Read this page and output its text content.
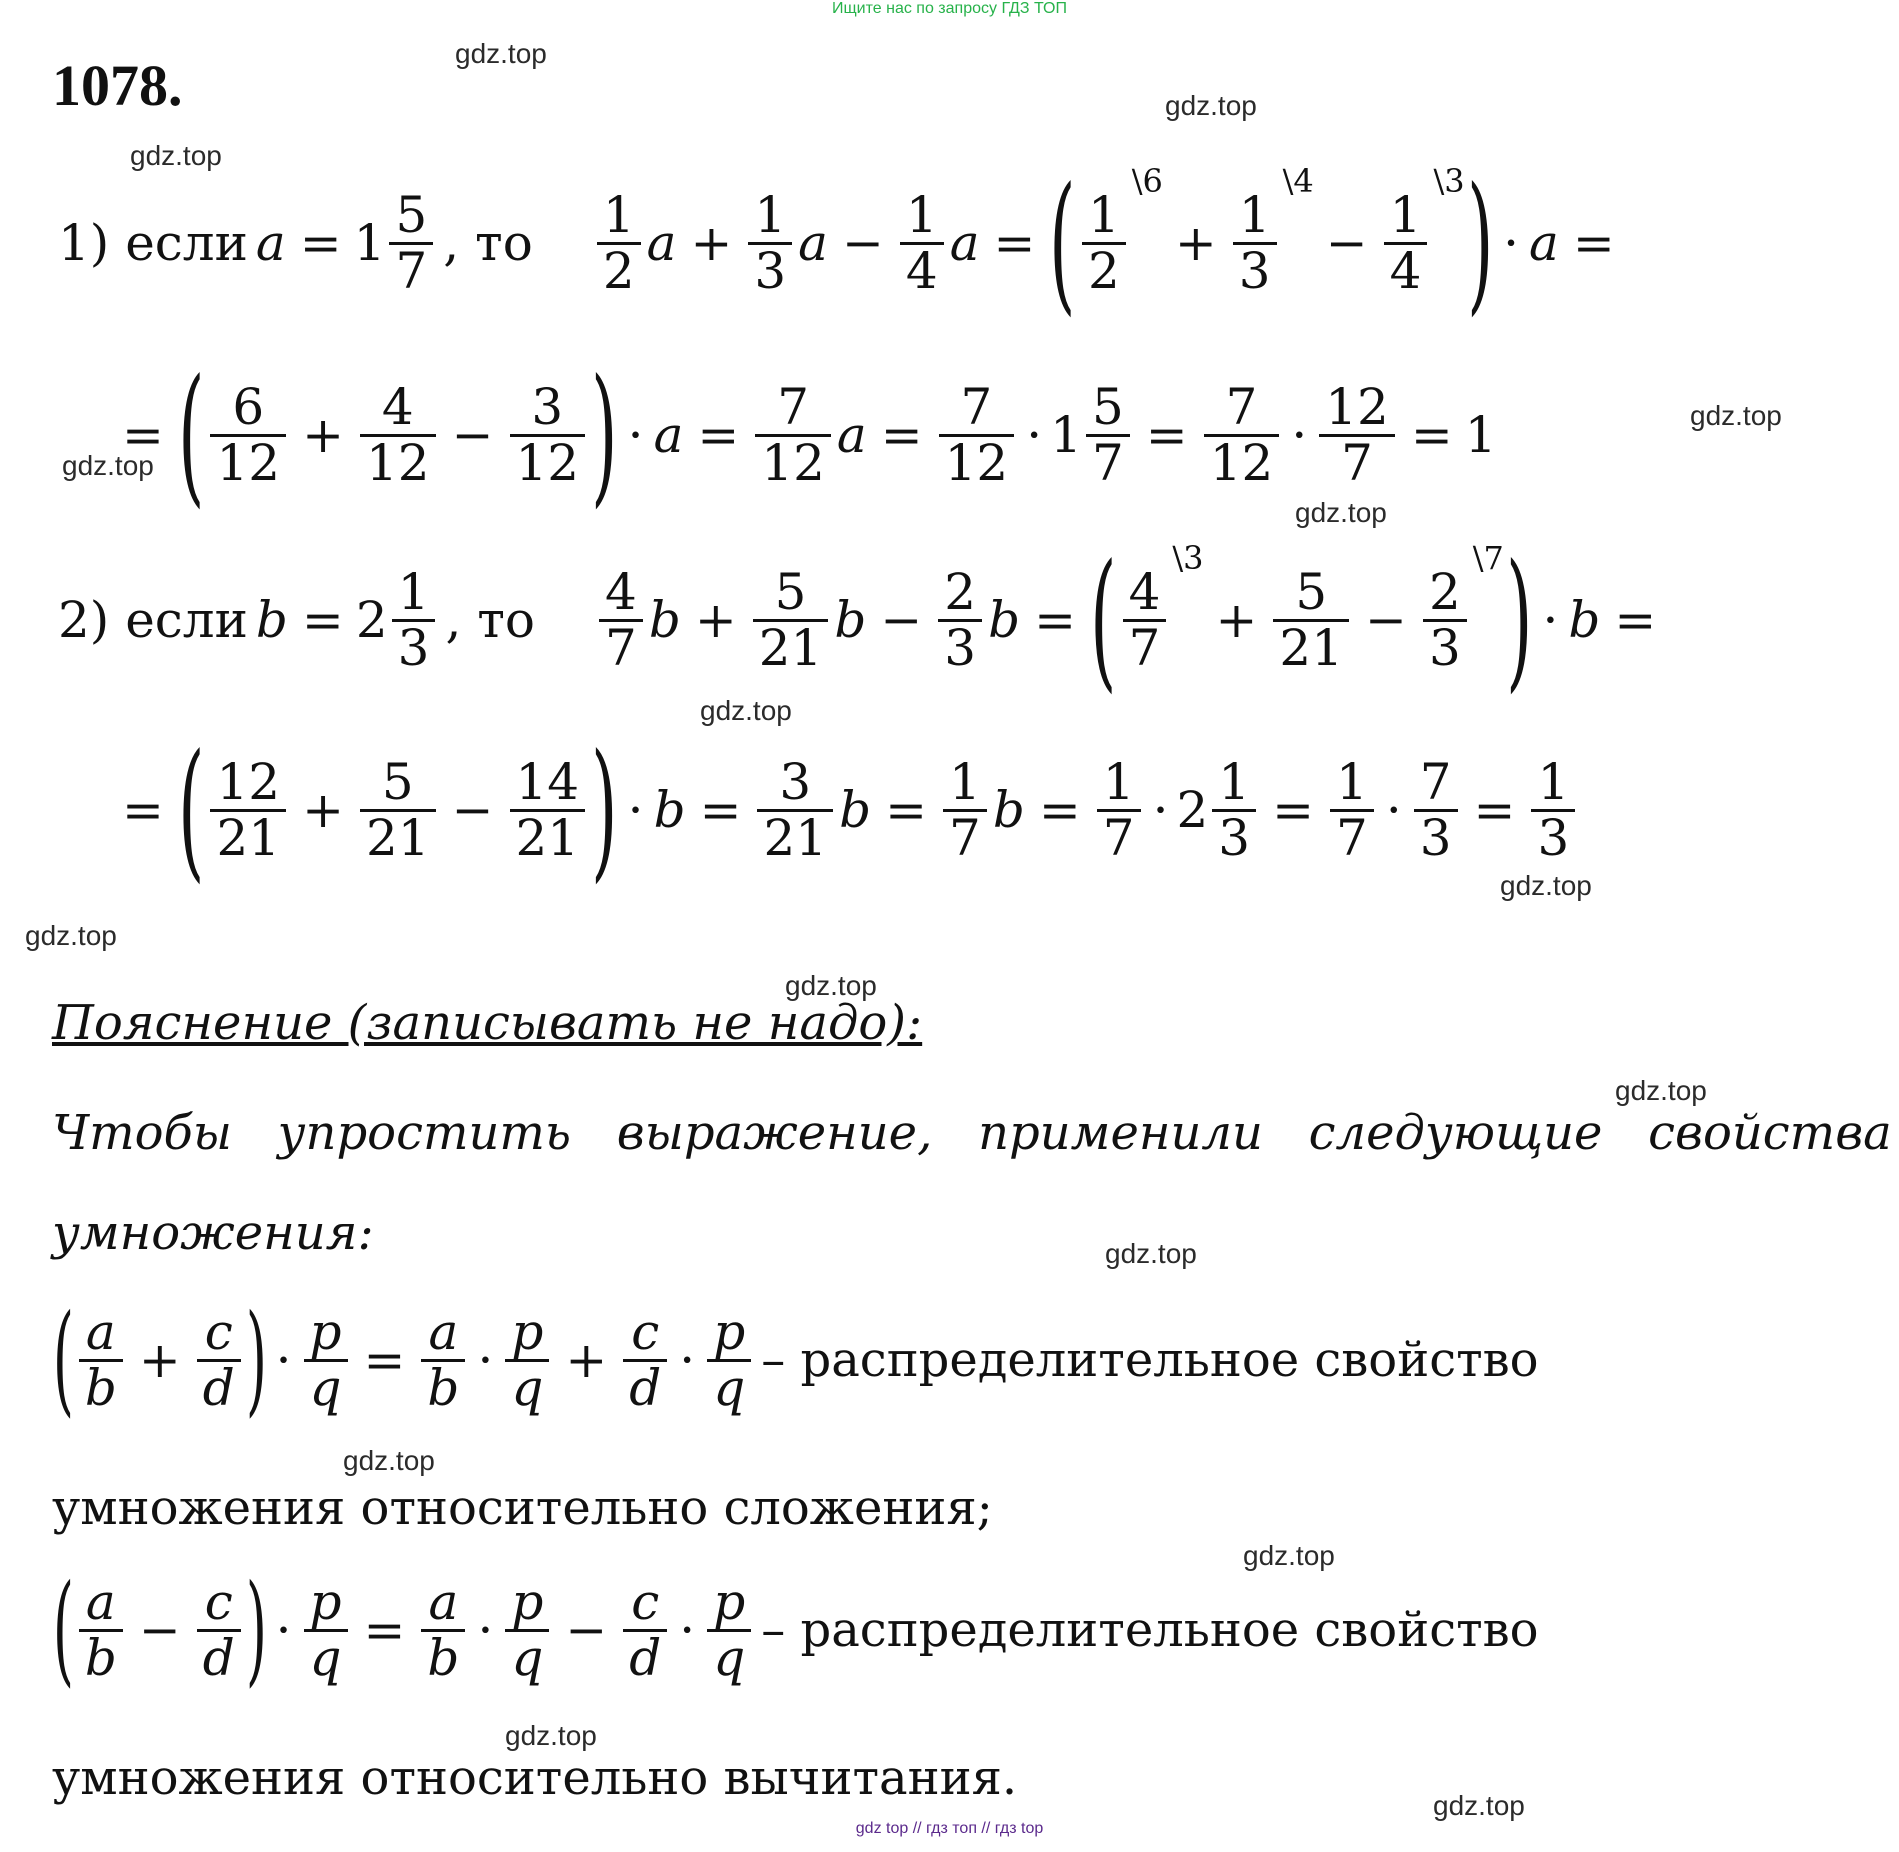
Ищите нас по запросу ГДЗ ТОП
1078.	gdz.top
gdz.top
gdz.top
gdz.top
gdz.top
gdz.top
gdz.top
gdz.top
gdz.top
gdz.top
gdz.top
gdz.top
gdz.top
gdz.top
gdz.top
gdz.top
1) если $a = 1 \frac{5}{7}$ , то	$\frac{1}{2}$ $a + \frac{1}{3}$ $a - \frac{1}{4}$ a = ( $\frac{1}{2}$
\6
+ $\frac{1}{3}$
\4
− $\frac{1}{4}$
\3 ) · a =
= ( $\frac{6}{12} + \frac{4}{12} - \frac{3}{12}$ ) · $a = \frac{7}{12}$ $a = \frac{7}{12} \cdot 1 \frac{5}{7} = \frac{7}{12} \cdot \frac{12}{7} = 1$
2) если $b = 2 \frac{1}{3}$ , то	$\frac{4}{7}$ $b + \frac{5}{21}$ $b - \frac{2}{3}$ b = ( $\frac{4}{7}$
\3
+ $\frac{5}{21} - \frac{2}{3}$
\7 ) · b =
= ( $\frac{12}{21} + \frac{5}{21} - \frac{14}{21}$ ) · $b = \frac{3}{21}$ $b = \frac{1}{7}$ $b = \frac{1}{7} \cdot 2 \frac{1}{3} = \frac{1}{7} \cdot \frac{7}{3} = \frac{1}{3}$
Пояснение (записывать не надо):
Чтобы   упростить   выражение,   применили   следующие   свойства
умножения:
( $\frac{a}{b} + \frac{c}{d}$ ) · $\frac{p}{q} = \frac{a}{b} \cdot \frac{p}{q} + \frac{c}{d} \cdot \frac{p}{q}$ – распределительное свойство
умножения относительно сложения;
( $\frac{a}{b} - \frac{c}{d}$ ) · $\frac{p}{q} = \frac{a}{b} \cdot \frac{p}{q} - \frac{c}{d} \cdot \frac{p}{q}$ – распределительное свойство
умножения относительно вычитания.
gdz top // гдз топ // гдз top
